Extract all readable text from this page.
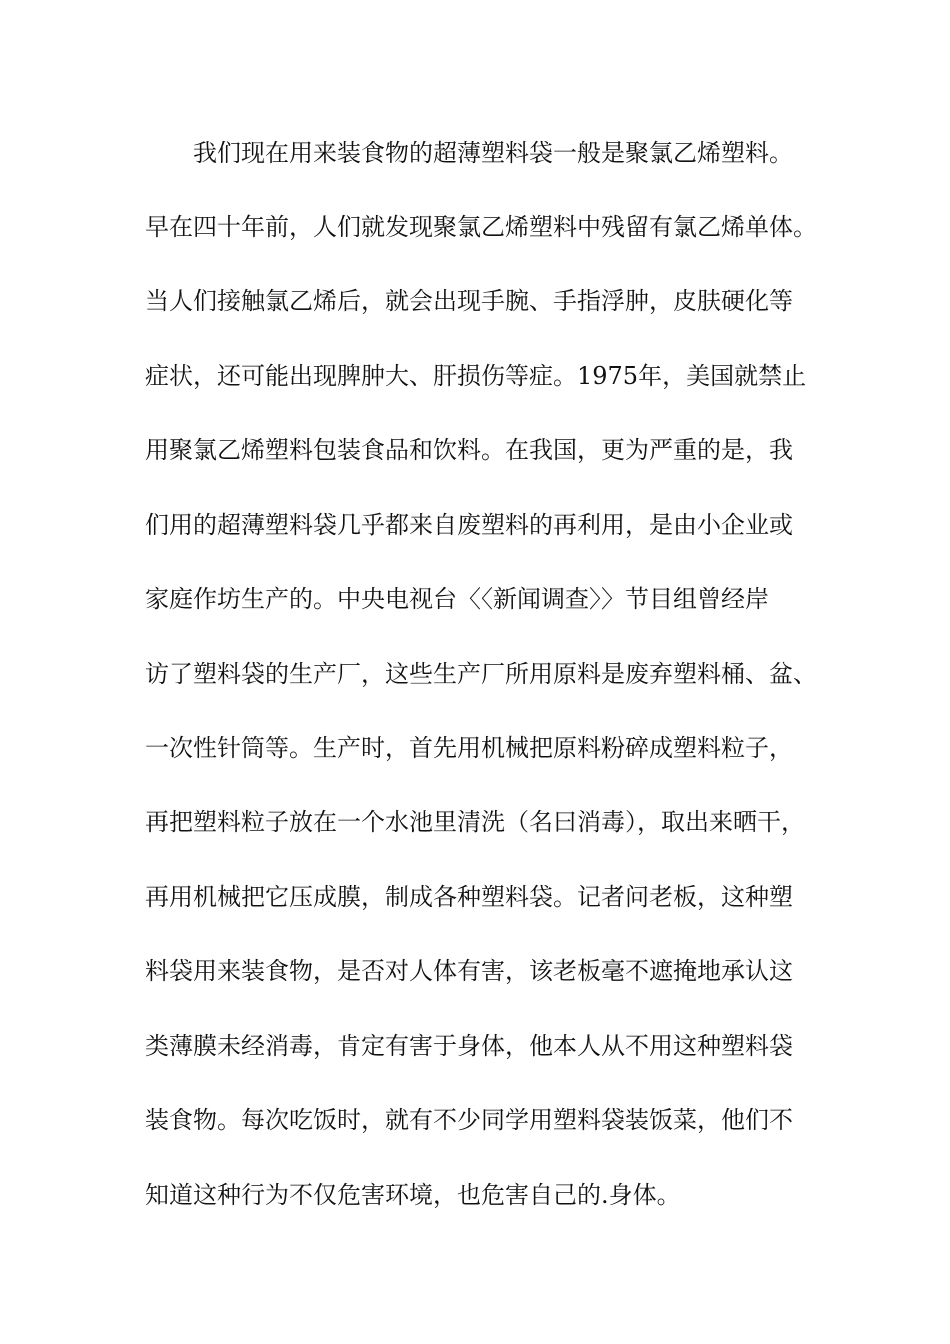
我们现在用来装食物的超薄塑料袋一般是聚氯乙烯塑料。
早在四十年前，人们就发现聚氯乙烯塑料中残留有氯乙烯单体。
当人们接触氯乙烯后，就会出现手腕、手指浮肿，皮肤硬化等
症状，还可能出现脾肿大、肝损伤等症。1975年，美国就禁止
用聚氯乙烯塑料包装食品和饮料。在我国，更为严重的是，我
们用的超薄塑料袋几乎都来自废塑料的再利用，是由小企业或
家庭作坊生产的。中央电视台〈〈新闻调查〉〉节目组曾经岸
访了塑料袋的生产厂，这些生产厂所用原料是废弃塑料桶、盆、
一次性针筒等。生产时，首先用机械把原料粉碎成塑料粒子，
再把塑料粒子放在一个水池里清洗（名曰消毒），取出来晒干，
再用机械把它压成膜，制成各种塑料袋。记者问老板，这种塑
料袋用来装食物，是否对人体有害，该老板毫不遮掩地承认这
类薄膜未经消毒，肯定有害于身体，他本人从不用这种塑料袋
装食物。每次吃饭时，就有不少同学用塑料袋装饭菜，他们不
知道这种行为不仅危害环境，也危害自己的.身体。
